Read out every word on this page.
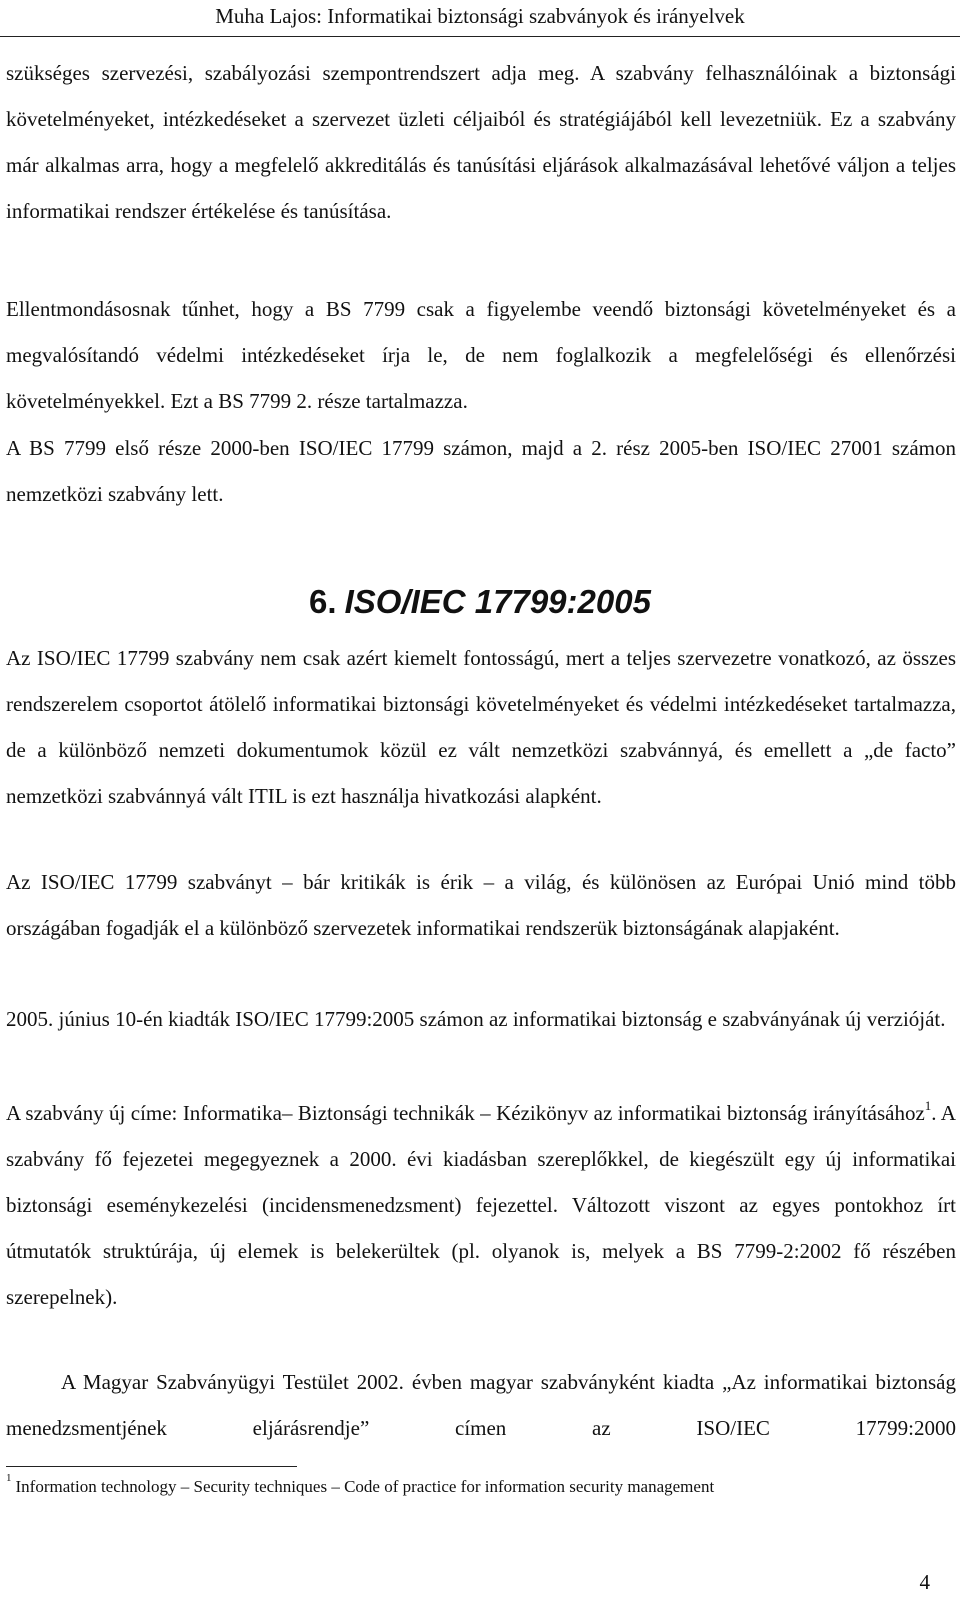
Muha Lajos: Informatikai biztonsági szabványok és irányelvek

szükséges szervezési, szabályozási szempontrendszert adja meg. A szabvány felhasználóinak a biztonsági követelményeket, intézkedéseket a szervezet üzleti céljaiból és stratégiájából kell levezetniük. Ez a szabvány már alkalmas arra, hogy a megfelelő akkreditálás és tanúsítási eljárások alkalmazásával lehetővé váljon a teljes informatikai rendszer értékelése és tanúsítása.

Ellentmondásosnak tűnhet, hogy a BS 7799 csak a figyelembe veendő biztonsági követelményeket és a megvalósítandó védelmi intézkedéseket írja le, de nem foglalkozik a megfelelőségi és ellenőrzési követelményekkel. Ezt a BS 7799 2. része tartalmazza.

A BS 7799 első része 2000-ben ISO/IEC 17799 számon, majd a 2. rész 2005-ben ISO/IEC 27001 számon nemzetközi szabvány lett.

6. ISO/IEC 17799:2005

Az ISO/IEC 17799 szabvány nem csak azért kiemelt fontosságú, mert a teljes szervezetre vonatkozó, az összes rendszerelem csoportot átölelő informatikai biztonsági követelményeket és védelmi intézkedéseket tartalmazza, de a különböző nemzeti dokumentumok közül ez vált nemzetközi szabvánnyá, és emellett a „de facto” nemzetközi szabvánnyá vált ITIL is ezt használja hivatkozási alapként.

Az ISO/IEC 17799 szabványt – bár kritikák is érik – a világ, és különösen az Európai Unió mind több országában fogadják el a különböző szervezetek informatikai rendszerük biztonságának alapjaként.

2005. június 10-én kiadták ISO/IEC 17799:2005 számon az informatikai biztonság e szabványának új verzióját.

A szabvány új címe: Informatika– Biztonsági technikák – Kézikönyv az informatikai biztonság irányításához$^1$. A szabvány fő fejezetei megegyeznek a 2000. évi kiadásban szereplőkkel, de kiegészült egy új informatikai biztonsági eseménykezelési (incidensmenedzsment) fejezettel. Változott viszont az egyes pontokhoz írt útmutatók struktúrája, új elemek is belekerültek (pl. olyanok is, melyek a BS 7799-2:2002 fő részében szerepelnek).

A Magyar Szabványügyi Testület 2002. évben magyar szabványként kiadta „Az informatikai biztonság menedzsmentjének eljárásrendje” címen az ISO/IEC 17799:2000

$^1$ Information technology – Security techniques – Code of practice for information security management

4
